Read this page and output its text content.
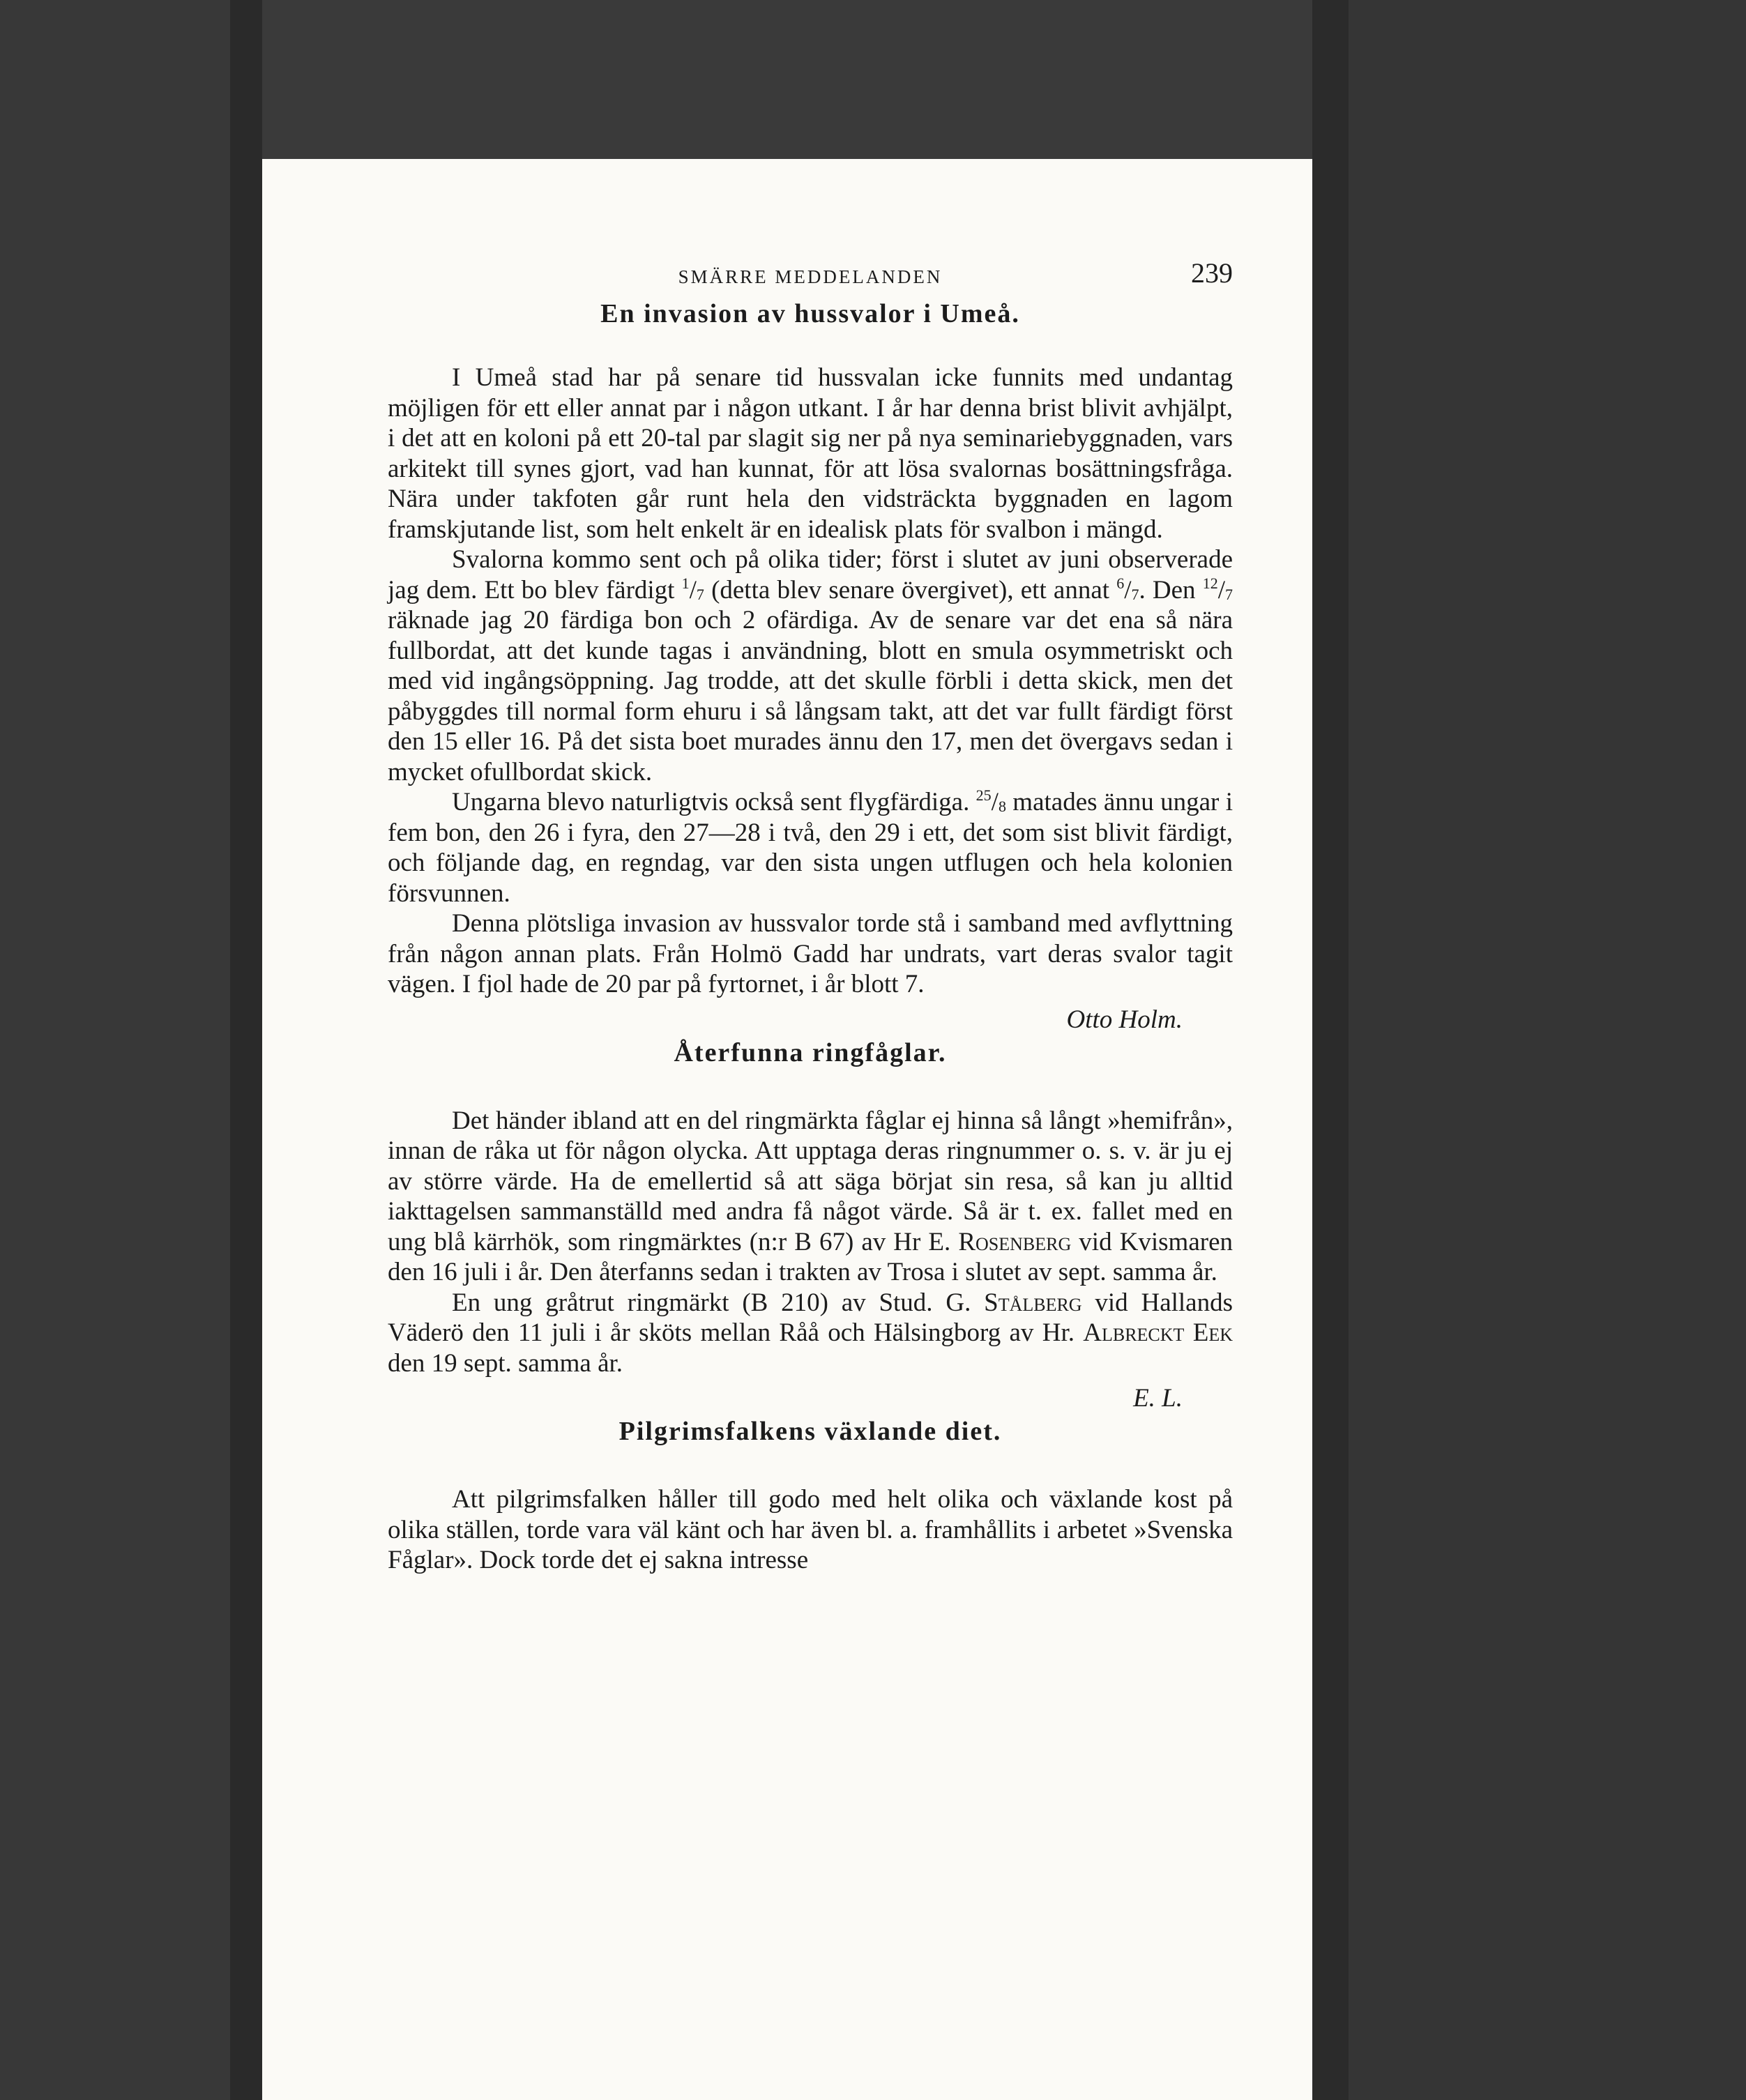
SMÄRRE MEDDELANDEN	239
En invasion av hussvalor i Umeå.

I Umeå stad har på senare tid hussvalan icke funnits med undantag möjligen för ett eller annat par i någon utkant. I år har denna brist blivit avhjälpt, i det att en koloni på ett 20-tal par slagit sig ner på nya seminariebyggnaden, vars arkitekt till synes gjort, vad han kunnat, för att lösa svalornas bosättningsfråga. Nära under takfoten går runt hela den vidsträckta byggnaden en lagom framskjutande list, som helt enkelt är en idealisk plats för svalbon i mängd.

Svalorna kommo sent och på olika tider; först i slutet av juni observerade jag dem. Ett bo blev färdigt $^1/_7$ (detta blev senare övergivet), ett annat $^6/_7$. Den $^{12}/_7$ räknade jag 20 färdiga bon och 2 ofärdiga. Av de senare var det ena så nära fullbordat, att det kunde tagas i användning, blott en smula osymmetriskt och med vid ingångsöppning. Jag trodde, att det skulle förbli i detta skick, men det påbyggdes till normal form ehuru i så långsam takt, att det var fullt färdigt först den 15 eller 16. På det sista boet murades ännu den 17, men det övergavs sedan i mycket ofullbordat skick.

Ungarna blevo naturligtvis också sent flygfärdiga. $^{25}/_8$ matades ännu ungar i fem bon, den 26 i fyra, den 27—28 i två, den 29 i ett, det som sist blivit färdigt, och följande dag, en regndag, var den sista ungen utflugen och hela kolonien försvunnen.

Denna plötsliga invasion av hussvalor torde stå i samband med avflyttning från någon annan plats. Från Holmö Gadd har undrats, vart deras svalor tagit vägen. I fjol hade de 20 par på fyrtornet, i år blott 7.

Otto Holm.
Återfunna ringfåglar.

Det händer ibland att en del ringmärkta fåglar ej hinna så långt »hemifrån», innan de råka ut för någon olycka. Att upptaga deras ringnummer o. s. v. är ju ej av större värde. Ha de emellertid så att säga börjat sin resa, så kan ju alltid iakttagelsen sammanställd med andra få något värde. Så är t. ex. fallet med en ung blå kärrhök, som ringmärktes (n:r B 67) av Hr E. Rosenberg vid Kvismaren den 16 juli i år. Den återfanns sedan i trakten av Trosa i slutet av sept. samma år.

En ung gråtrut ringmärkt (B 210) av Stud. G. Stålberg vid Hallands Väderö den 11 juli i år sköts mellan Råå och Hälsingborg av Hr. Albreckt Eek den 19 sept. samma år.

E. L.
Pilgrimsfalkens växlande diet.

Att pilgrimsfalken håller till godo med helt olika och växlande kost på olika ställen, torde vara väl känt och har även bl. a. framhållits i arbetet »Svenska Fåglar». Dock torde det ej sakna intresse
